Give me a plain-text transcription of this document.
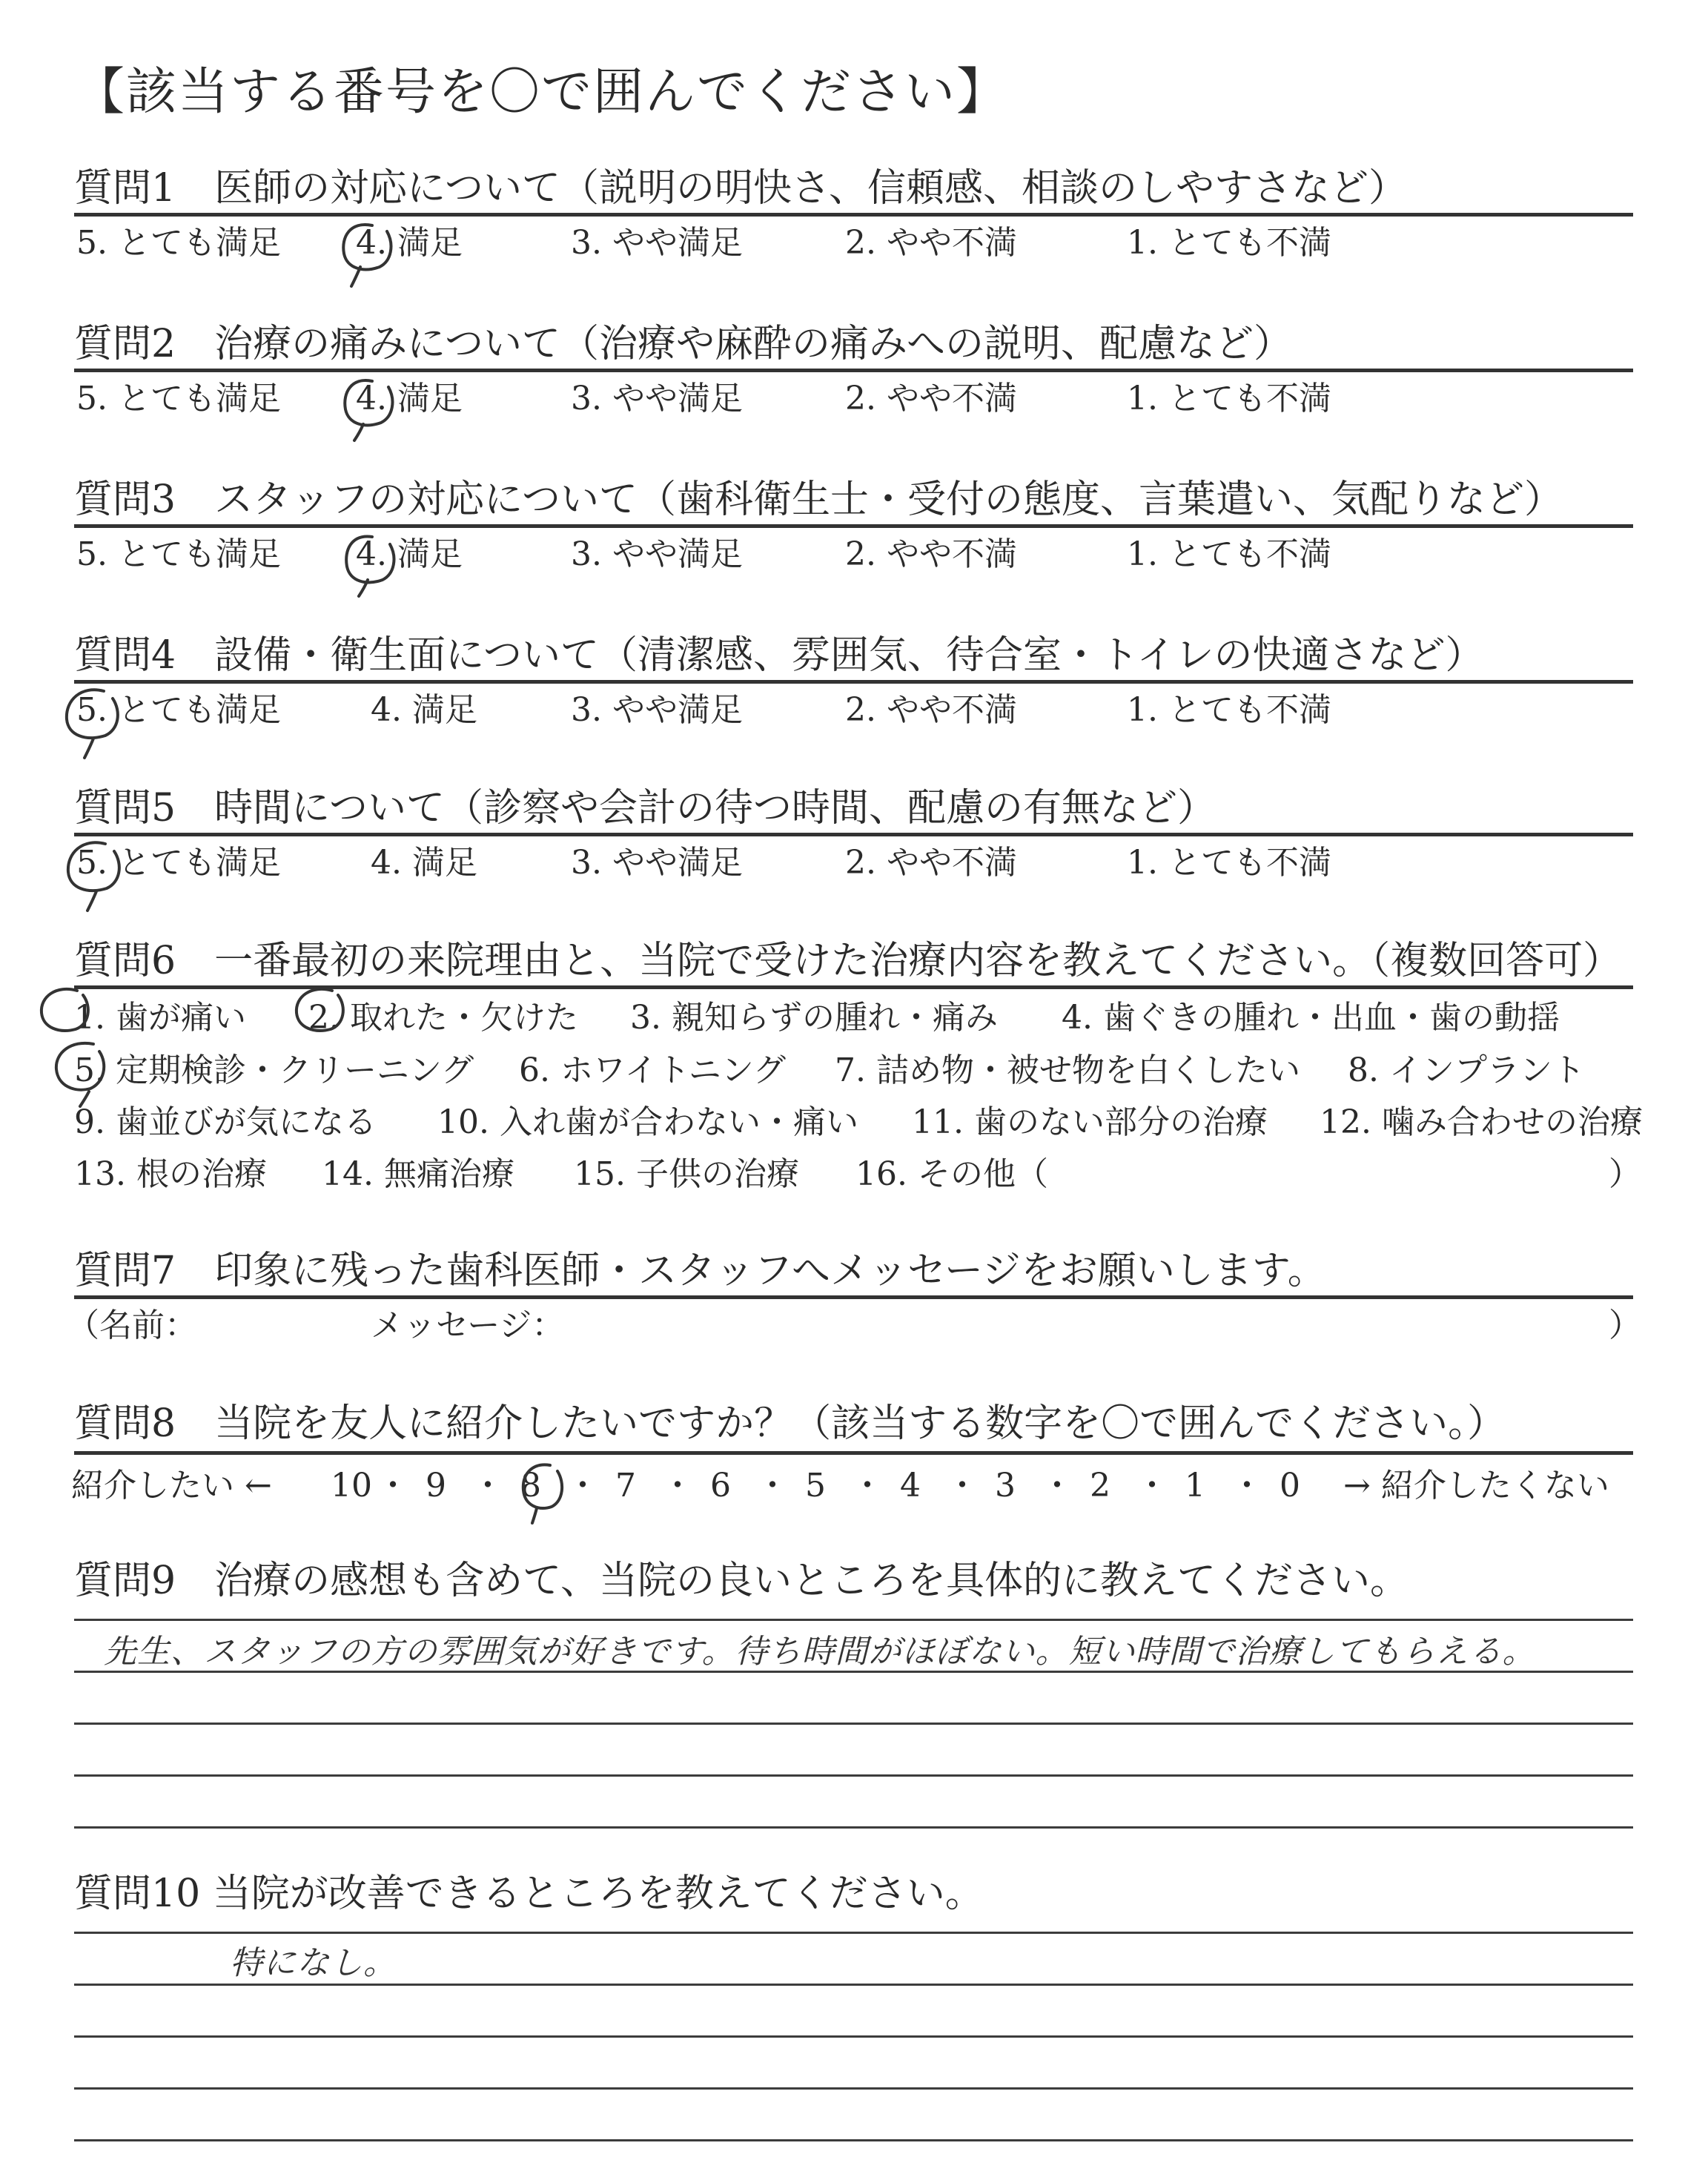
【該当する番号を〇で囲んでください】
質問1　医師の対応について（説明の明快さ、信頼感、相談のしやすさなど）
5. とても満足 4. 満足	3. やや満足	2. やや不満	1. とても不満
質問2　治療の痛みについて（治療や麻酔の痛みへの説明、配慮など）
5. とても満足 4. 満足	3. やや満足	2. やや不満	1. とても不満
質問3　スタッフの対応について（歯科衛生士・受付の態度、言葉遣い、気配りなど）
5. とても満足 4. 満足	3. やや満足	2. やや不満	1. とても不満
質問4　設備・衛生面について（清潔感、雰囲気、待合室・トイレの快適さなど）
5. とても満足	4. 満足	3. やや満足	2. やや不満	1. とても不満
質問5　時間について（診察や会計の待つ時間、配慮の有無など）
5. とても満足	4. 満足	3. やや満足	2. やや不満	1. とても不満
質問6　一番最初の来院理由と、当院で受けた治療内容を教えてください。（複数回答可）
1. 歯が痛い 2. 取れた・欠けた 3. 親知らずの腫れ・痛み 4. 歯ぐきの腫れ・出血・歯の動揺
5. 定期検診・クリーニング 6. ホワイトニング 7. 詰め物・被せ物を白くしたい 8. インプラント
9. 歯並びが気になる 10. 入れ歯が合わない・痛い 11. 歯のない部分の治療 12. 噛み合わせの治療
13. 根の治療 14. 無痛治療 15. 子供の治療 16. その他（	）
質問7　印象に残った歯科医師・スタッフへメッセージをお願いします。
（名前：	メッセージ：	）
質問8　当院を友人に紹介したいですか？（該当する数字を〇で囲んでください。）
紹介したい ← 10 ・ 9 ・ 8 ・ 7 ・ 6 ・ 5 ・ 4 ・ 3 ・ 2 ・ 1 ・ 0 → 紹介したくない
質問9　治療の感想も含めて、当院の良いところを具体的に教えてください。
先生、スタッフの方の雰囲気が好きです。待ち時間がほぼない。短い時間で治療してもらえる。
質問10 当院が改善できるところを教えてください。
特になし。
